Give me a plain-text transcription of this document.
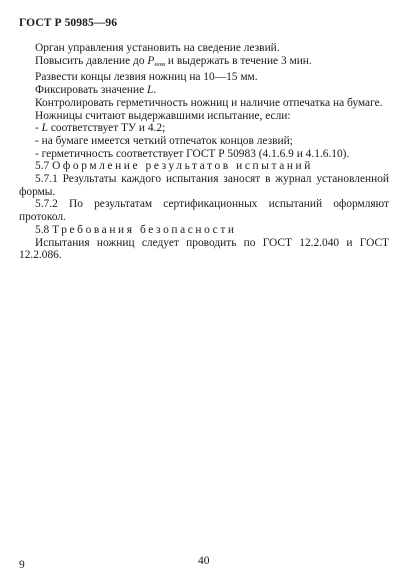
ГОСТ Р 50985—96

Орган управления установить на сведение лезвий.

Повысить давление до $P_{ном}$ и выдержать в течение 3 мин.

Развести концы лезвия ножниц на 10—15 мм.

Фиксировать значение L.

Контролировать герметичность ножниц и наличие отпечатка на бумаге.

Ножницы считают выдержавшими испытание, если:

- L соответствует ТУ и 4.2;

- на бумаге имеется четкий отпечаток концов лезвий;

- герметичность соответствует ГОСТ Р 50983 (4.1.6.9 и 4.1.6.10).

5.7 Оформление результатов испытаний

5.7.1 Результаты каждого испытания заносят в журнал установленной формы.

5.7.2 По результатам сертификационных испытаний оформляют протокол.

5.8 Требования безопасности

Испытания ножниц следует проводить по ГОСТ 12.2.040 и ГОСТ 12.2.086.

9	40
